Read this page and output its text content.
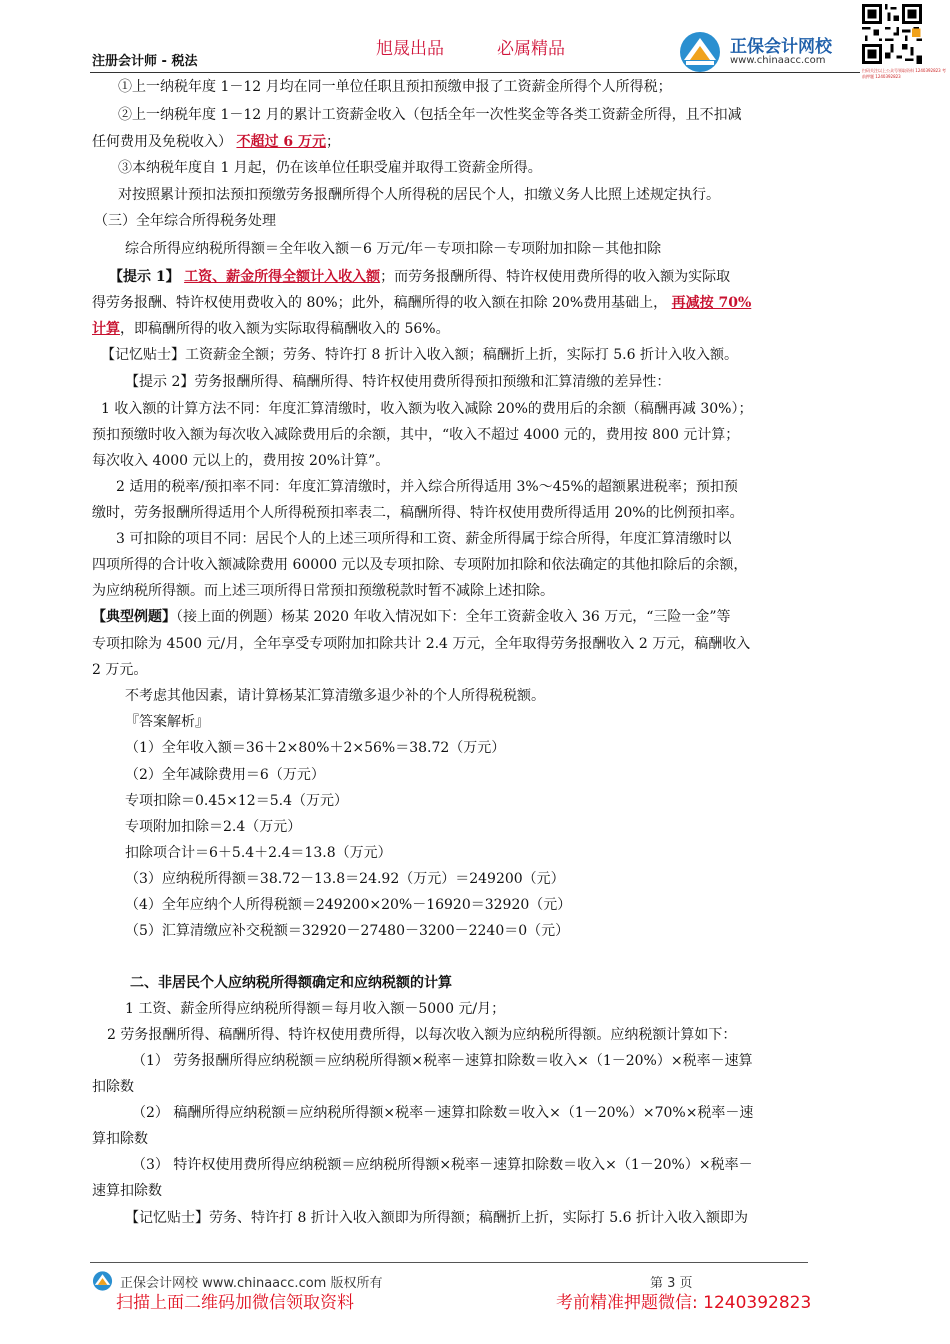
旭晟出品	必属精品
注册会计师 - 税法
正保会计网校
www.chinaacc.com
扫码关注以上公众号领取资料 1240392823 考前押题 1240392823
①上一纳税年度 1－12 月均在同一单位任职且预扣预缴申报了工资薪金所得个人所得税；
②上一纳税年度 1－12 月的累计工资薪金收入（包括全年一次性奖金等各类工资薪金所得，且不扣减
任何费用及免税收入） 不超过 6 万元；
③本纳税年度自 1 月起，仍在该单位任职受雇并取得工资薪金所得。
对按照累计预扣法预扣预缴劳务报酬所得个人所得税的居民个人，扣缴义务人比照上述规定执行。
（三）全年综合所得税务处理
综合所得应纳税所得额＝全年收入额－6 万元/年－专项扣除－专项附加扣除－其他扣除
【提示 1】 工资、薪金所得全额计入收入额；而劳务报酬所得、特许权使用费所得的收入额为实际取
得劳务报酬、特许权使用费收入的 80%；此外，稿酬所得的收入额在扣除 20%费用基础上， 再减按 70%
计算，即稿酬所得的收入额为实际取得稿酬收入的 56%。
【记忆贴士】工资薪金全额；劳务、特许打 8 折计入收入额；稿酬折上折，实际打 5.6 折计入收入额。
【提示 2】劳务报酬所得、稿酬所得、特许权使用费所得预扣预缴和汇算清缴的差异性：
1 收入额的计算方法不同：年度汇算清缴时，收入额为收入减除 20%的费用后的余额（稿酬再减 30%）；
预扣预缴时收入额为每次收入减除费用后的余额，其中，“收入不超过 4000 元的，费用按 800 元计算；
每次收入 4000 元以上的，费用按 20%计算”。
2 适用的税率/预扣率不同：年度汇算清缴时，并入综合所得适用 3%～45%的超额累进税率；预扣预
缴时，劳务报酬所得适用个人所得税预扣率表二，稿酬所得、特许权使用费所得适用 20%的比例预扣率。
3 可扣除的项目不同：居民个人的上述三项所得和工资、薪金所得属于综合所得，年度汇算清缴时以
四项所得的合计收入额减除费用 60000 元以及专项扣除、专项附加扣除和依法确定的其他扣除后的余额，
为应纳税所得额。而上述三项所得日常预扣预缴税款时暂不减除上述扣除。
【典型例题】（接上面的例题）杨某 2020 年收入情况如下：全年工资薪金收入 36 万元，“三险一金”等
专项扣除为 4500 元/月，全年享受专项附加扣除共计 2.4 万元，全年取得劳务报酬收入 2 万元，稿酬收入
2 万元。
不考虑其他因素，请计算杨某汇算清缴多退少补的个人所得税税额。
『答案解析』
（1）全年收入额＝36＋2×80%＋2×56%＝38.72（万元）
（2）全年减除费用＝6（万元）
专项扣除＝0.45×12＝5.4（万元）
专项附加扣除＝2.4（万元）
扣除项合计＝6＋5.4＋2.4＝13.8（万元）
（3）应纳税所得额＝38.72－13.8＝24.92（万元）＝249200（元）
（4）全年应纳个人所得税额＝249200×20%－16920＝32920（元）
（5）汇算清缴应补交税额＝32920－27480－3200－2240＝0（元）
二、非居民个人应纳税所得额确定和应纳税额的计算
1 工资、薪金所得应纳税所得额＝每月收入额－5000 元/月；
2 劳务报酬所得、稿酬所得、特许权使用费所得，以每次收入额为应纳税所得额。应纳税额计算如下：
（1） 劳务报酬所得应纳税额＝应纳税所得额×税率－速算扣除数＝收入×（1－20%）×税率－速算
扣除数
（2） 稿酬所得应纳税额＝应纳税所得额×税率－速算扣除数＝收入×（1－20%）×70%×税率－速
算扣除数
（3） 特许权使用费所得应纳税额＝应纳税所得额×税率－速算扣除数＝收入×（1－20%）×税率－
速算扣除数
【记忆贴士】劳务、特许打 8 折计入收入额即为所得额；稿酬折上折，实际打 5.6 折计入收入额即为
正保会计网校 www.chinaacc.com 版权所有	第 3 页
扫描上面二维码加微信领取资料	考前精准押题微信: 1240392823
